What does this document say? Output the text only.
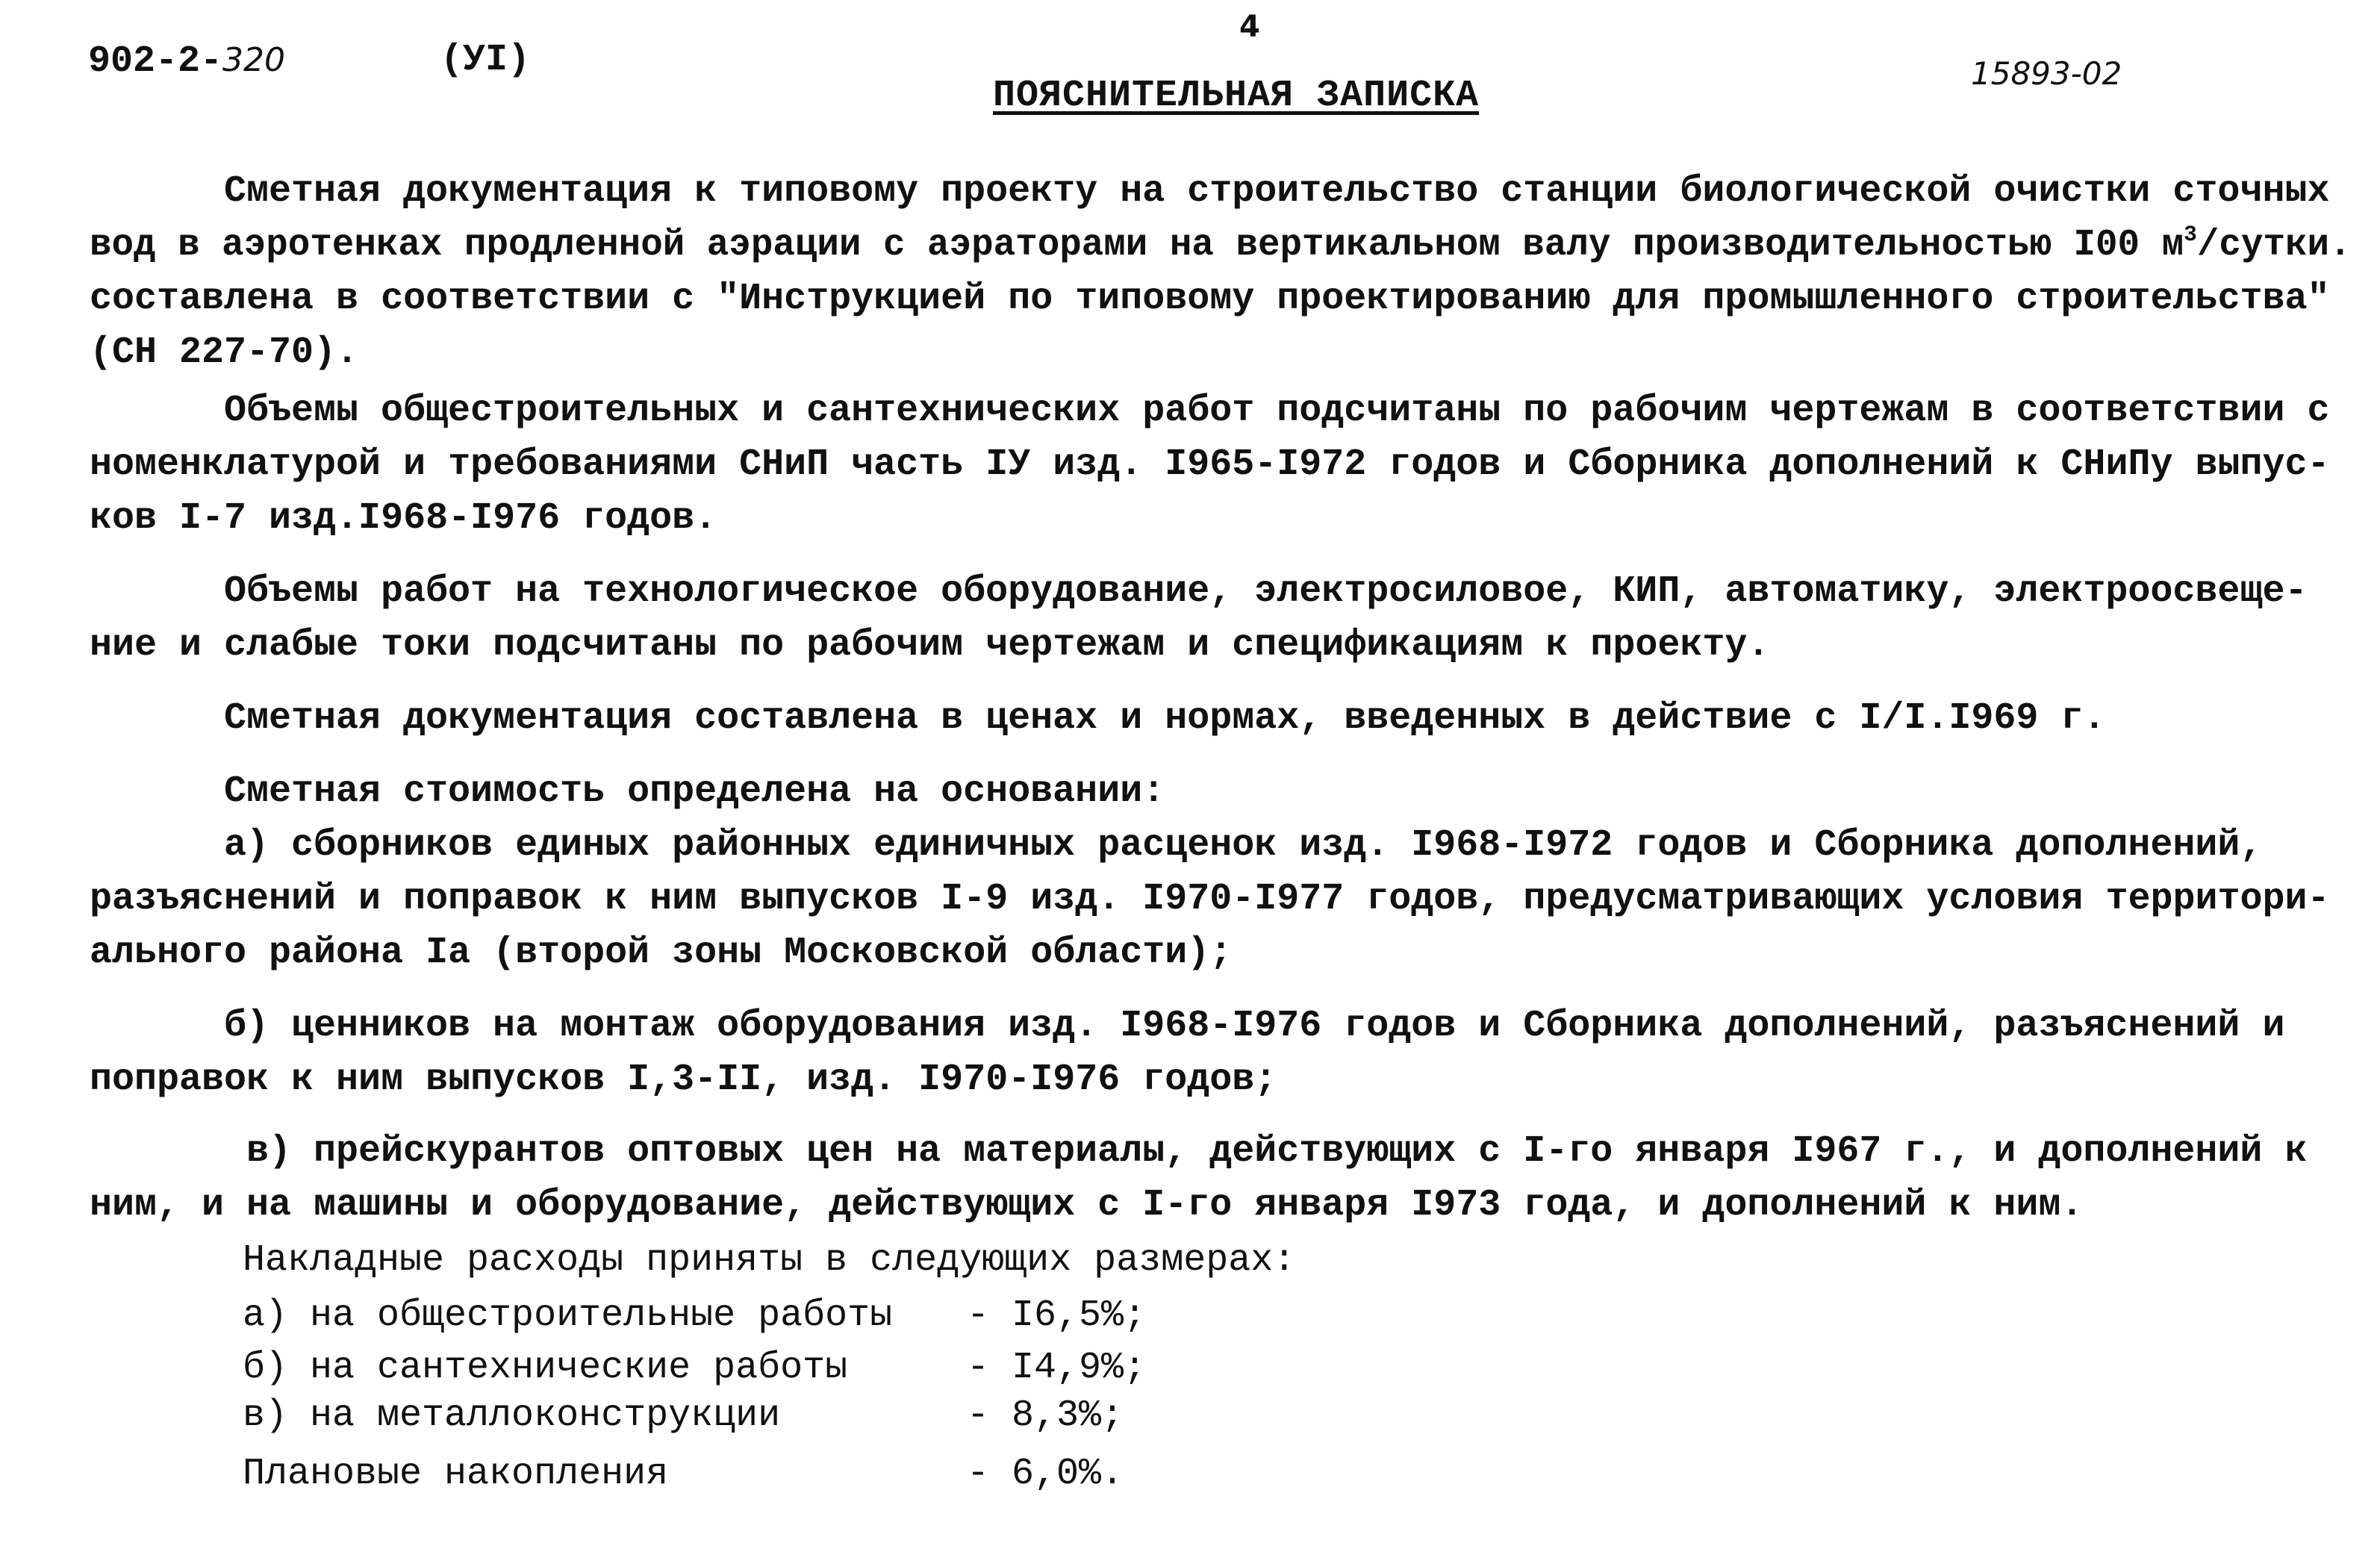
902-2-320	(УI)
4
ПОЯСНИТЕЛЬНАЯ ЗАПИСКА
15893-02
Сметная документация к типовому проекту на строительство станции биологической очистки сточных
вод в аэротенках продленной аэрации с аэраторами на вертикальном валу производительностью I00 $м^3$/сутки.
составлена в соответствии с "Инструкцией по типовому проектированию для промышленного строительства"
(СН 227-70).
Объемы общестроительных и сантехнических работ подсчитаны по рабочим чертежам в соответствии с
номенклатурой и требованиями СНиП часть IУ изд. I965-I972 годов и Сборника дополнений к СНиПу выпус-
ков I-7 изд.I968-I976 годов.
Объемы работ на технологическое оборудование, электросиловое, КИП, автоматику, электроосвеще-
ние и слабые токи подсчитаны по рабочим чертежам и спецификациям к проекту.
Сметная документация составлена в ценах и нормах, введенных в действие с I/I.I969 г.
Сметная стоимость определена на основании:
а) сборников единых районных единичных расценок изд. I968-I972 годов и Сборника дополнений,
разъяснений и поправок к ним выпусков I-9 изд. I970-I977 годов, предусматривающих условия территори-
ального района Iа (второй зоны Московской области);
б) ценников на монтаж оборудования изд. I968-I976 годов и Сборника дополнений, разъяснений и
поправок к ним выпусков I,3-II, изд. I970-I976 годов;
в) прейскурантов оптовых цен на материалы, действующих с I-го января I967 г., и дополнений к
ним, и на машины и оборудование, действующих с I-го января I973 года, и дополнений к ним.
Накладные расходы приняты в следующих размерах:
а) на общестроительные работы - I6,5%;
б) на сантехнические работы	- I4,9%;
в) на металлоконструкции	- 8,3%;
Плановые накопления	- 6,0%.
